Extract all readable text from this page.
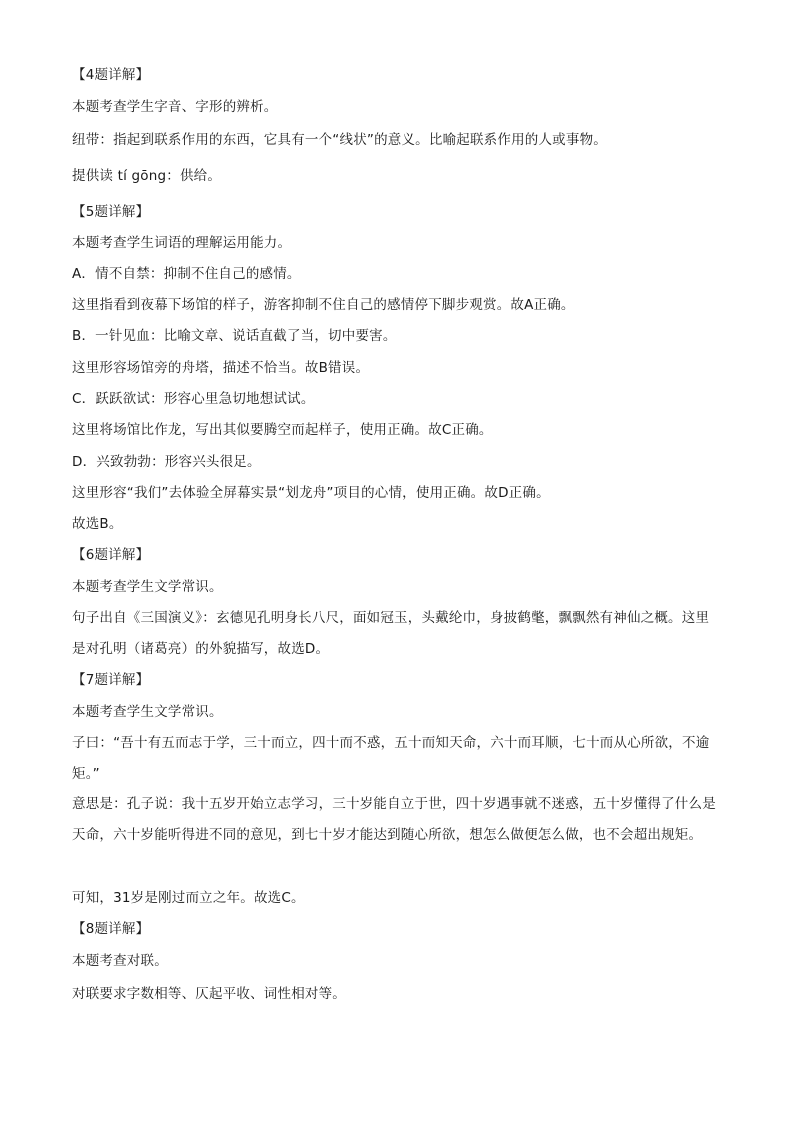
【4题详解】
本题考查学生字音、字形的辨析。
纽带：指起到联系作用的东西，它具有一个“线状”的意义。比喻起联系作用的人或事物。
提供读 tí gōng：供给。
【5题详解】
本题考查学生词语的理解运用能力。
A．情不自禁：抑制不住自己的感情。
这里指看到夜幕下场馆的样子，游客抑制不住自己的感情停下脚步观赏。故A正确。
B．一针见血：比喻文章、说话直截了当，切中要害。
这里形容场馆旁的舟塔，描述不恰当。故B错误。
C．跃跃欲试：形容心里急切地想试试。
这里将场馆比作龙，写出其似要腾空而起样子，使用正确。故C正确。
D．兴致勃勃：形容兴头很足。
这里形容“我们”去体验全屏幕实景“划龙舟”项目的心情，使用正确。故D正确。
故选B。
【6题详解】
本题考查学生文学常识。
句子出自《三国演义》：玄德见孔明身长八尺，面如冠玉，头戴纶巾，身披鹤氅，飘飘然有神仙之概。这里是对孔明（诸葛亮）的外貌描写，故选D。
【7题详解】
本题考查学生文学常识。
子曰：“吾十有五而志于学，三十而立，四十而不惑，五十而知天命，六十而耳顺，七十而从心所欲，不逾矩。”
意思是：孔子说：我十五岁开始立志学习，三十岁能自立于世，四十岁遇事就不迷惑，五十岁懂得了什么是天命，六十岁能听得进不同的意见，到七十岁才能达到随心所欲，想怎么做便怎么做，也不会超出规矩。
可知，31岁是刚过而立之年。故选C。
【8题详解】
本题考查对联。
对联要求字数相等、仄起平收、词性相对等。
